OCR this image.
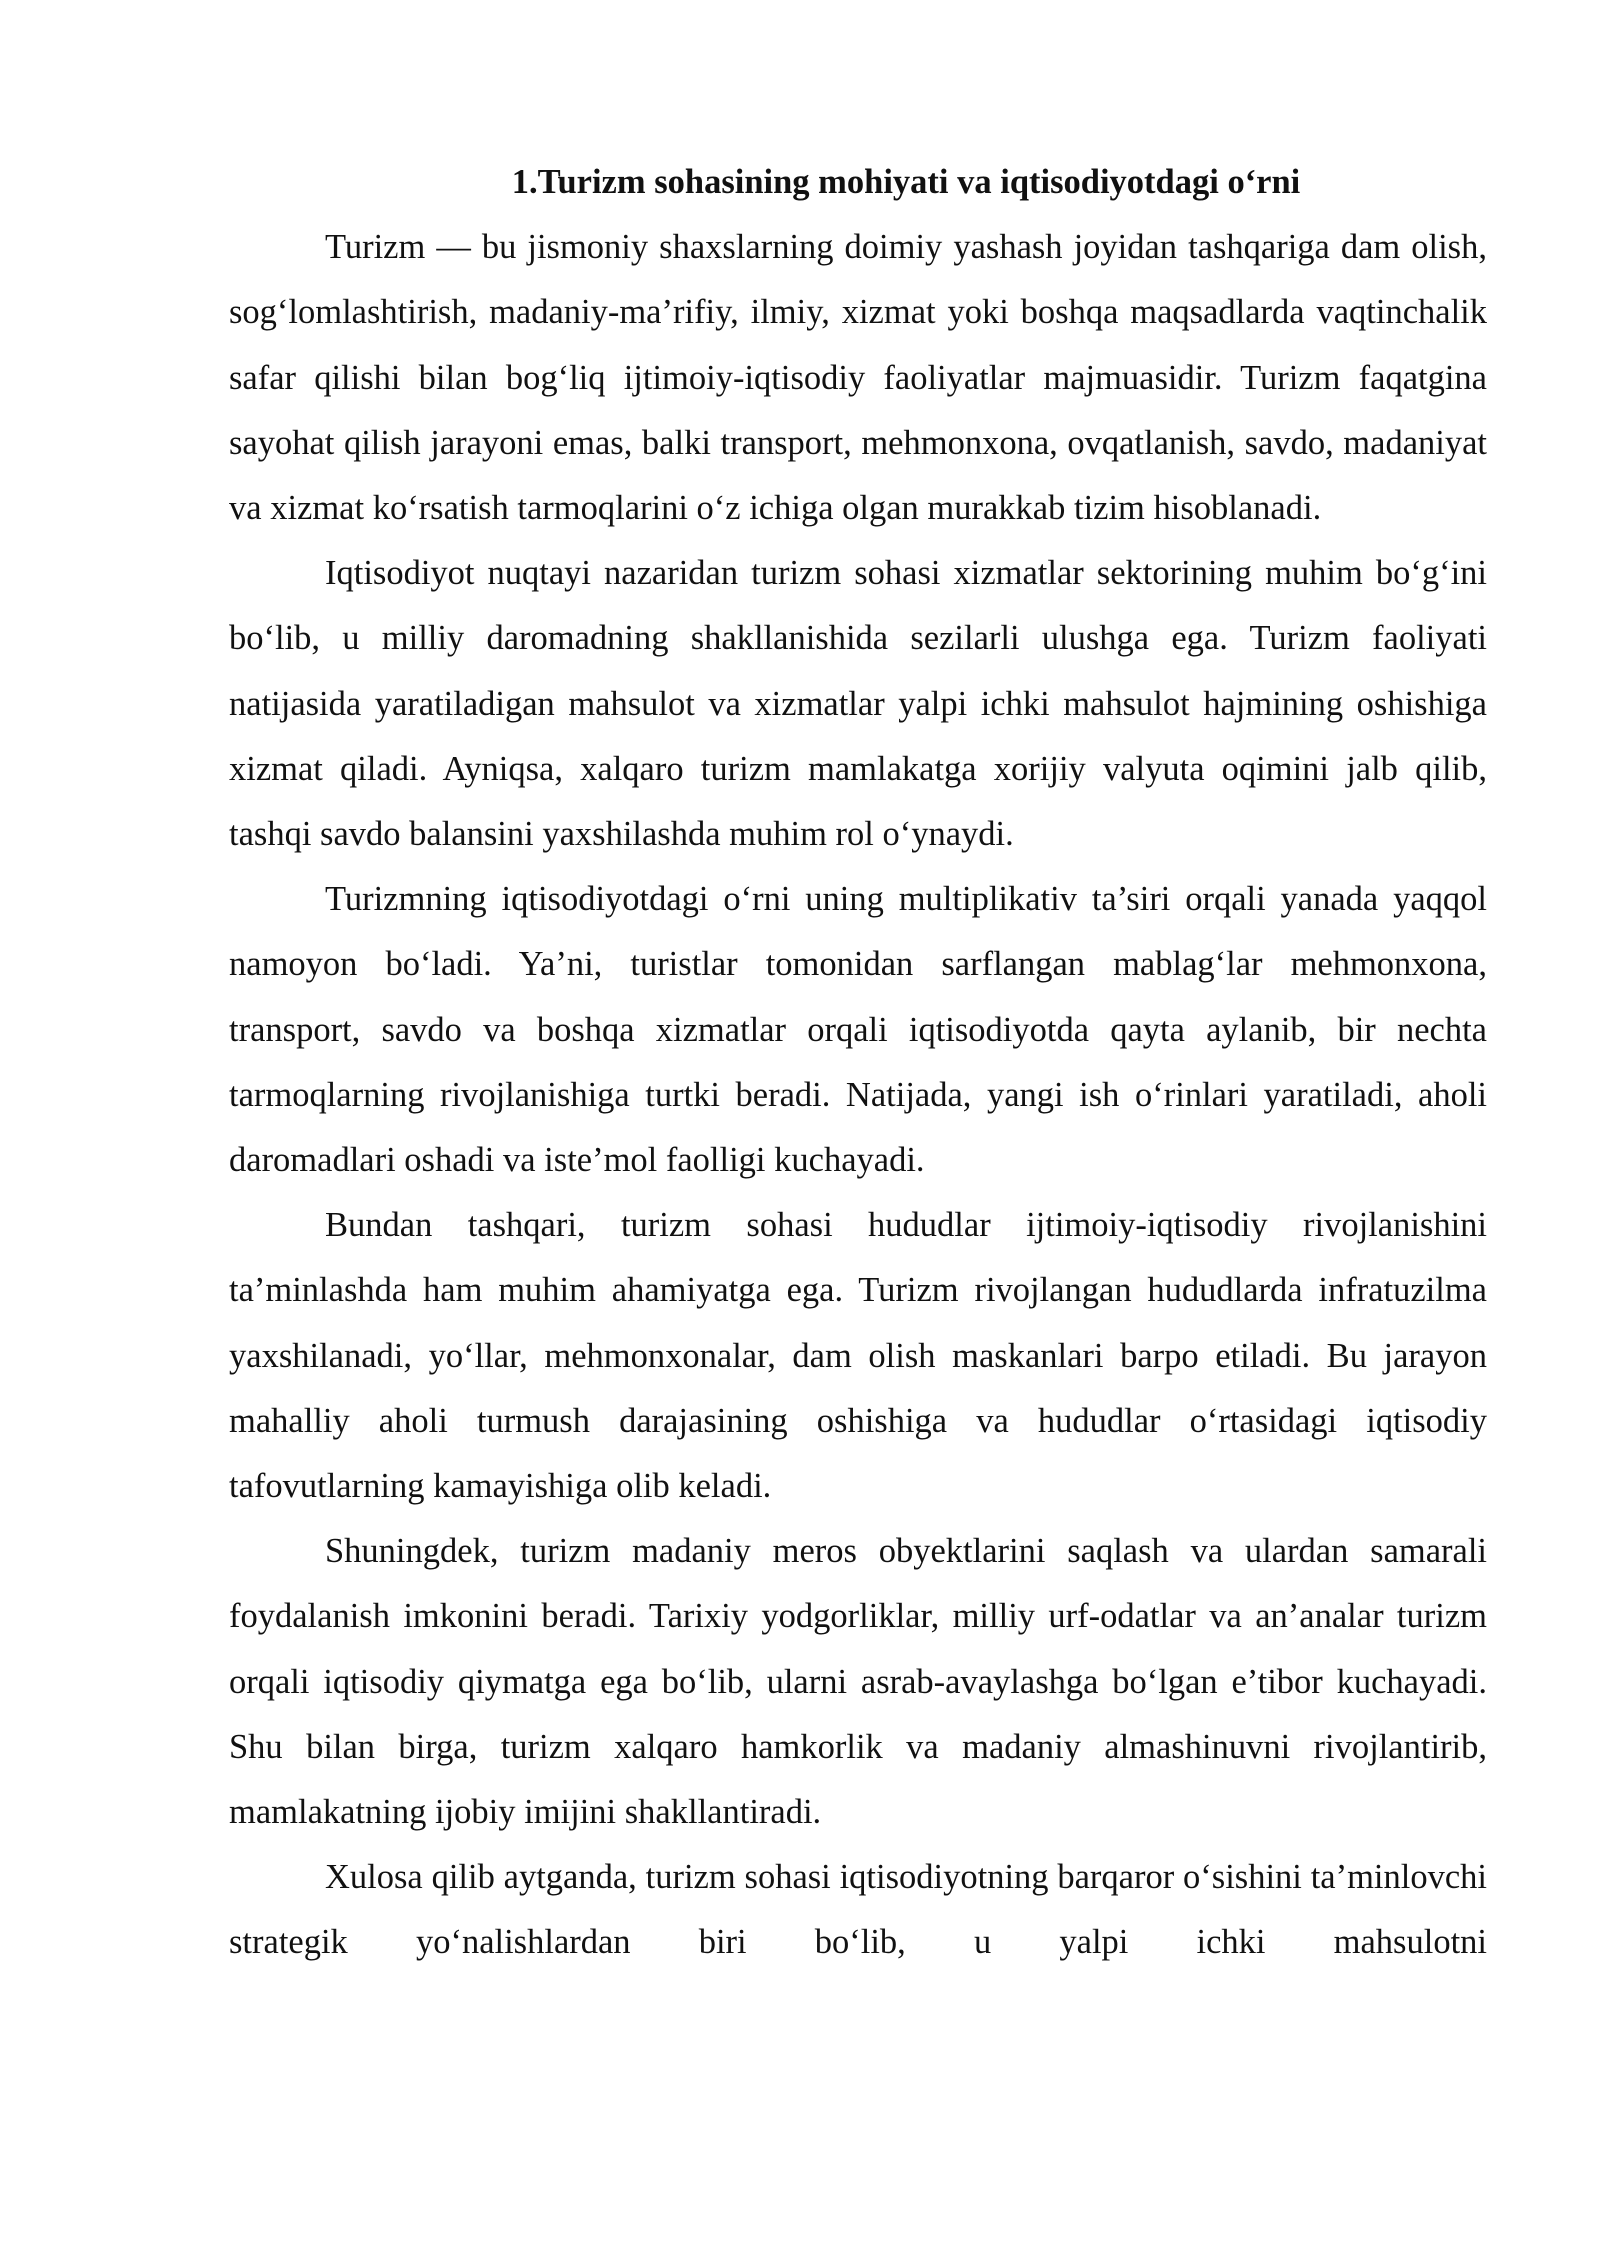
1.Turizm sohasining mohiyati va iqtisodiyotdagi o‘rni

Turizm — bu jismoniy shaxslarning doimiy yashash joyidan tashqariga dam olish, sog‘lomlashtirish, madaniy-ma’rifiy, ilmiy, xizmat yoki boshqa maqsadlarda vaqtinchalik safar qilishi bilan bog‘liq ijtimoiy-iqtisodiy faoliyatlar majmuasidir. Turizm faqatgina sayohat qilish jarayoni emas, balki transport, mehmonxona, ovqatlanish, savdo, madaniyat va xizmat ko‘rsatish tarmoqlarini o‘z ichiga olgan murakkab tizim hisoblanadi.

Iqtisodiyot nuqtayi nazaridan turizm sohasi xizmatlar sektorining muhim bo‘g‘ini bo‘lib, u milliy daromadning shakllanishida sezilarli ulushga ega. Turizm faoliyati natijasida yaratiladigan mahsulot va xizmatlar yalpi ichki mahsulot hajmining oshishiga xizmat qiladi. Ayniqsa, xalqaro turizm mamlakatga xorijiy valyuta oqimini jalb qilib, tashqi savdo balansini yaxshilashda muhim rol o‘ynaydi.

Turizmning iqtisodiyotdagi o‘rni uning multiplikativ ta’siri orqali yanada yaqqol namoyon bo‘ladi. Ya’ni, turistlar tomonidan sarflangan mablag‘lar mehmonxona, transport, savdo va boshqa xizmatlar orqali iqtisodiyotda qayta aylanib, bir nechta tarmoqlarning rivojlanishiga turtki beradi. Natijada, yangi ish o‘rinlari yaratiladi, aholi daromadlari oshadi va iste’mol faolligi kuchayadi.

Bundan tashqari, turizm sohasi hududlar ijtimoiy-iqtisodiy rivojlanishini ta’minlashda ham muhim ahamiyatga ega. Turizm rivojlangan hududlarda infratuzilma yaxshilanadi, yo‘llar, mehmonxonalar, dam olish maskanlari barpo etiladi. Bu jarayon mahalliy aholi turmush darajasining oshishiga va hududlar o‘rtasidagi iqtisodiy tafovutlarning kamayishiga olib keladi.

Shuningdek, turizm madaniy meros obyektlarini saqlash va ulardan samarali foydalanish imkonini beradi. Tarixiy yodgorliklar, milliy urf-odatlar va an’analar turizm orqali iqtisodiy qiymatga ega bo‘lib, ularni asrab-avaylashga bo‘lgan e’tibor kuchayadi. Shu bilan birga, turizm xalqaro hamkorlik va madaniy almashinuvni rivojlantirib, mamlakatning ijobiy imijini shakllantiradi.

Xulosa qilib aytganda, turizm sohasi iqtisodiyotning barqaror o‘sishini ta’minlovchi strategik yo‘nalishlardan biri bo‘lib, u yalpi ichki mahsulotni
